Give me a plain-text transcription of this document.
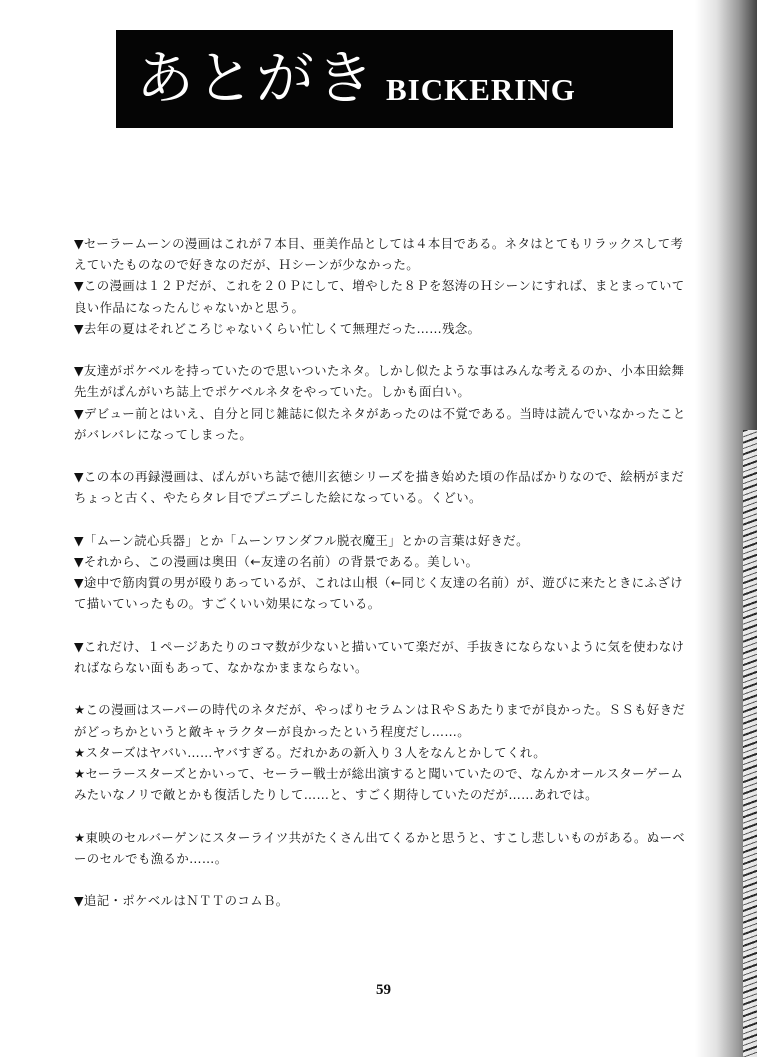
あとがき BICKERING
▼セーラームーンの漫画はこれが７本目、亜美作品としては４本目である。ネタはとてもリラックスして考
えていたものなので好きなのだが、Ｈシーンが少なかった。
▼この漫画は１２Ｐだが、これを２０Ｐにして、増やした８Ｐを怒涛のＨシーンにすれば、まとまっていて
良い作品になったんじゃないかと思う。
▼去年の夏はそれどころじゃないくらい忙しくて無理だった……残念。
▼友達がポケベルを持っていたので思いついたネタ。しかし似たような事はみんな考えるのか、小本田絵舞
先生がぱんがいち誌上でポケベルネタをやっていた。しかも面白い。
▼デビュー前とはいえ、自分と同じ雑誌に似たネタがあったのは不覚である。当時は読んでいなかったこと
がバレバレになってしまった。
▼この本の再録漫画は、ぱんがいち誌で徳川玄徳シリーズを描き始めた頃の作品ばかりなので、絵柄がまだ
ちょっと古く、やたらタレ目でプニプニした絵になっている。くどい。
▼「ムーン読心兵器」とか「ムーンワンダフル脱衣魔王」とかの言葉は好きだ。
▼それから、この漫画は奥田（←友達の名前）の背景である。美しい。
▼途中で筋肉質の男が殴りあっているが、これは山根（←同じく友達の名前）が、遊びに来たときにふざけ
て描いていったもの。すごくいい効果になっている。
▼これだけ、１ページあたりのコマ数が少ないと描いていて楽だが、手抜きにならないように気を使わなけ
ればならない面もあって、なかなかままならない。
★この漫画はスーパーの時代のネタだが、やっぱりセラムンはＲやＳあたりまでが良かった。ＳＳも好きだ
がどっちかというと敵キャラクターが良かったという程度だし……。
★スターズはヤバい……ヤバすぎる。だれかあの新入り３人をなんとかしてくれ。
★セーラースターズとかいって、セーラー戦士が総出演すると聞いていたので、なんかオールスターゲーム
みたいなノリで敵とかも復活したりして……と、すごく期待していたのだが……あれでは。
★東映のセルバーゲンにスターライツ共がたくさん出てくるかと思うと、すこし悲しいものがある。ぬーベ
ーのセルでも漁るか……。
▼追記・ポケベルはＮＴＴのコムＢ。
59
